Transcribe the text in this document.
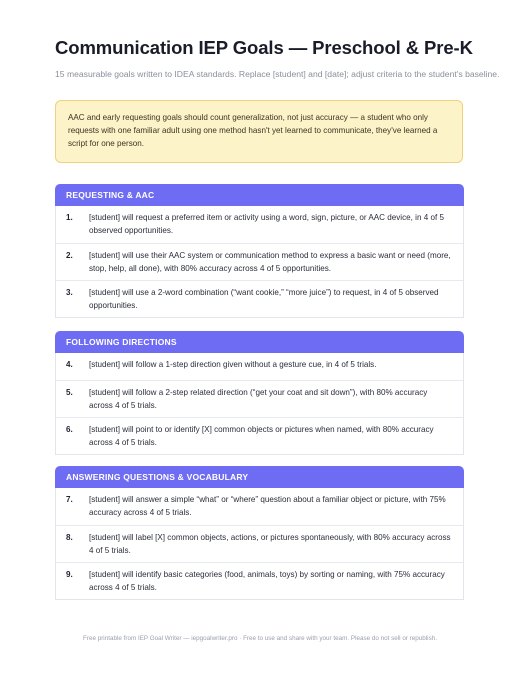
Communication IEP Goals — Preschool & Pre-K
15 measurable goals written to IDEA standards. Replace [student] and [date]; adjust criteria to the student's baseline.
AAC and early requesting goals should count generalization, not just accuracy — a student who only requests with one familiar adult using one method hasn't yet learned to communicate, they've learned a script for one person.
REQUESTING & AAC
1.	[student] will request a preferred item or activity using a word, sign, picture, or AAC device, in 4 of 5 observed opportunities.
2.	[student] will use their AAC system or communication method to express a basic want or need (more, stop, help, all done), with 80% accuracy across 4 of 5 opportunities.
3.	[student] will use a 2-word combination (“want cookie,” “more juice”) to request, in 4 of 5 observed opportunities.
FOLLOWING DIRECTIONS
4.	[student] will follow a 1-step direction given without a gesture cue, in 4 of 5 trials.
5.	[student] will follow a 2-step related direction (“get your coat and sit down”), with 80% accuracy across 4 of 5 trials.
6.	[student] will point to or identify [X] common objects or pictures when named, with 80% accuracy across 4 of 5 trials.
ANSWERING QUESTIONS & VOCABULARY
7.	[student] will answer a simple “what” or “where” question about a familiar object or picture, with 75% accuracy across 4 of 5 trials.
8.	[student] will label [X] common objects, actions, or pictures spontaneously, with 80% accuracy across 4 of 5 trials.
9.	[student] will identify basic categories (food, animals, toys) by sorting or naming, with 75% accuracy across 4 of 5 trials.
Free printable from IEP Goal Writer — iepgoalwriter.pro · Free to use and share with your team. Please do not sell or republish.
